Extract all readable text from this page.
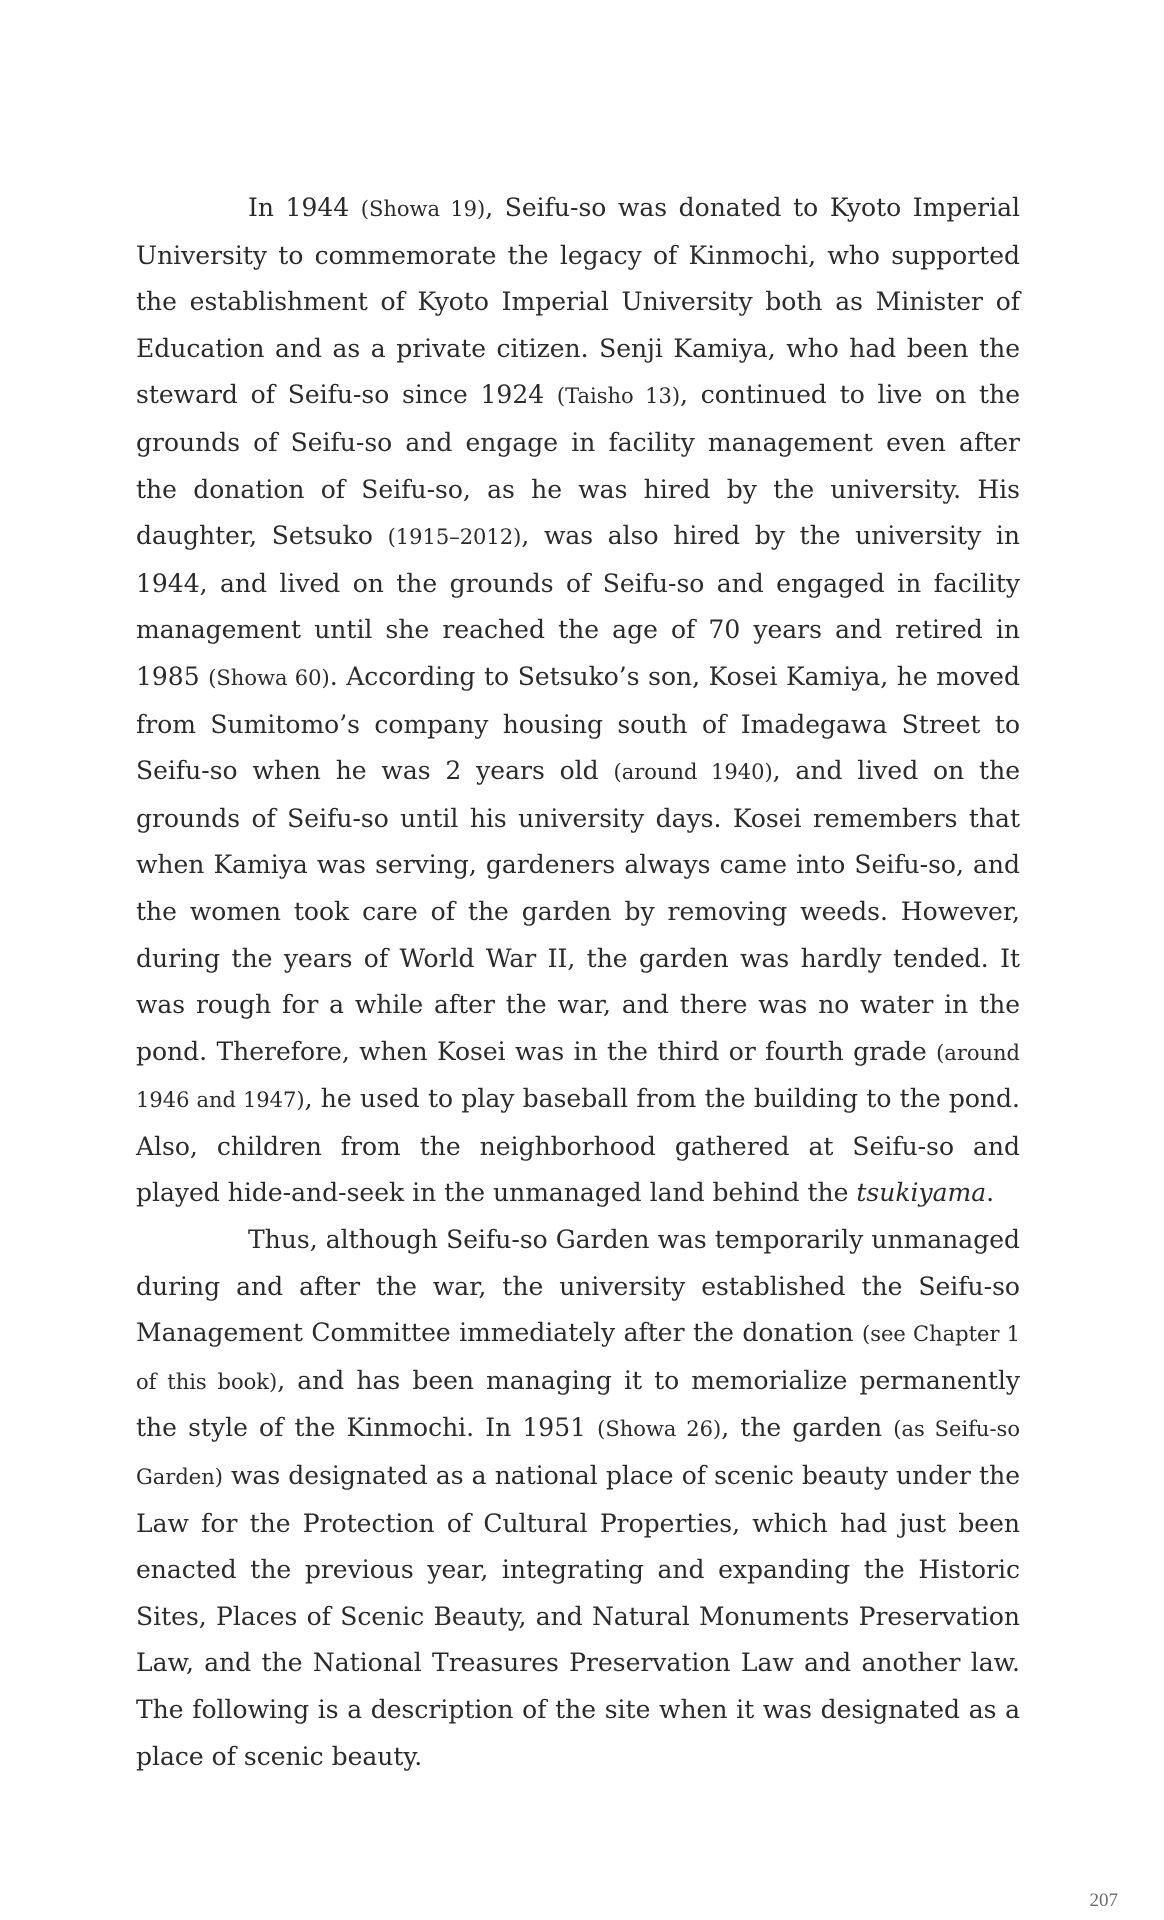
In 1944 (Showa 19), Seifu-so was donated to Kyoto Imperial University to commemorate the legacy of Kinmochi, who supported the establishment of Kyoto Imperial University both as Minister of Education and as a private citizen. Senji Kamiya, who had been the steward of Seifu-so since 1924 (Taisho 13), continued to live on the grounds of Seifu-so and engage in facility management even after the donation of Seifu-so, as he was hired by the university. His daughter, Setsuko (1915–2012), was also hired by the university in 1944, and lived on the grounds of Seifu-so and engaged in facility management until she reached the age of 70 years and retired in 1985 (Showa 60). According to Setsuko’s son, Kosei Kamiya, he moved from Sumitomo’s company housing south of Imadegawa Street to Seifu-so when he was 2 years old (around 1940), and lived on the grounds of Seifu-so until his university days. Kosei remembers that when Kamiya was serving, gardeners always came into Seifu-so, and the women took care of the garden by removing weeds. However, during the years of World War II, the garden was hardly tended. It was rough for a while after the war, and there was no water in the pond. Therefore, when Kosei was in the third or fourth grade (around 1946 and 1947), he used to play baseball from the building to the pond. Also, children from the neighborhood gathered at Seifu-so and played hide-and-seek in the unmanaged land behind the tsukiyama.

Thus, although Seifu-so Garden was temporarily unmanaged during and after the war, the university established the Seifu-so Management Committee immediately after the donation (see Chapter 1 of this book), and has been managing it to memorialize permanently the style of the Kinmochi. In 1951 (Showa 26), the garden (as Seifu-so Garden) was designated as a national place of scenic beauty under the Law for the Protection of Cultural Properties, which had just been enacted the previous year, integrating and expanding the Historic Sites, Places of Scenic Beauty, and Natural Monuments Preservation Law, and the National Treasures Preservation Law and another law. The following is a description of the site when it was designated as a place of scenic beauty.

207
